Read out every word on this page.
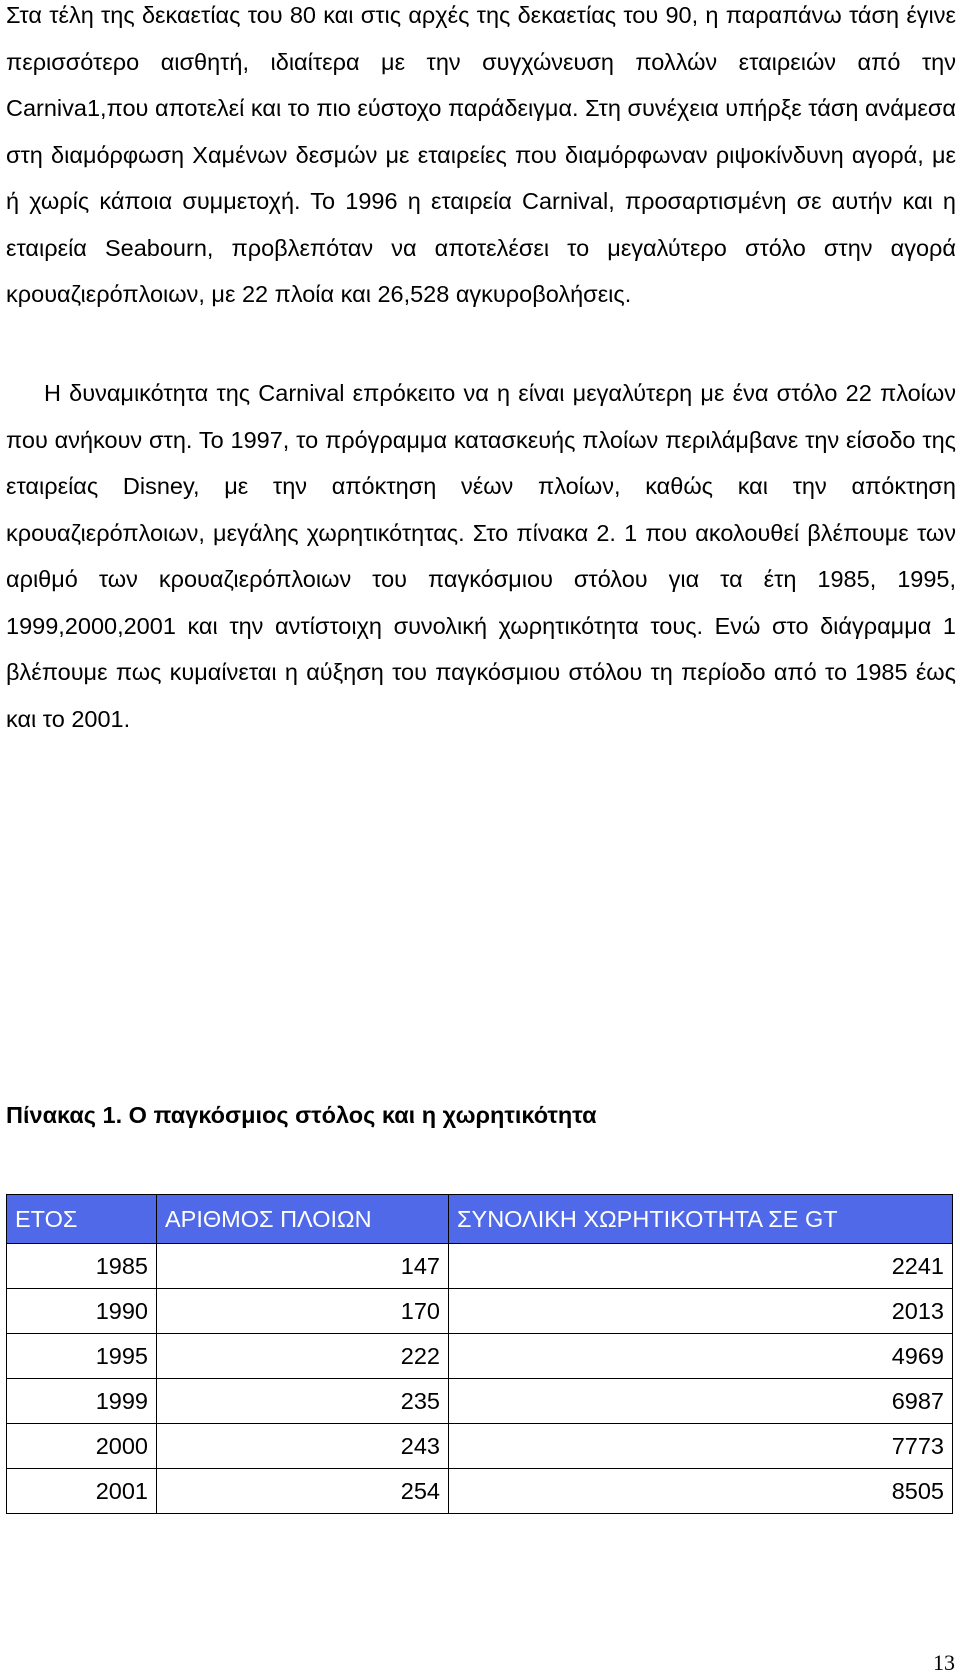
Στα τέλη της δεκαετίας του 80 και στις αρχές της δεκαετίας του 90, η παραπάνω τάση έγινε περισσότερο αισθητή, ιδιαίτερα με την συγχώνευση πολλών εταιρειών από την Carniva1,που αποτελεί και το πιο εύστοχο παράδειγμα. Στη συνέχεια υπήρξε τάση ανάμεσα στη διαμόρφωση Χαμένων δεσμών με εταιρείες που διαμόρφωναν ριψοκίνδυνη αγορά, με ή χωρίς κάποια συμμετοχή. Το 1996 η εταιρεία Carnival, προσαρτισμένη σε αυτήν και η εταιρεία Seabourn, προβλεπόταν να αποτελέσει το μεγαλύτερο στόλο στην αγορά κρουαζιερόπλοιων, με 22 πλοία και 26,528 αγκυροβολήσεις.

Η δυναμικότητα της Carnival επρόκειτο να η είναι μεγαλύτερη με ένα στόλο 22 πλοίων που ανήκουν στη. Το 1997, το πρόγραμμα κατασκευής πλοίων περιλάμβανε την είσοδο της εταιρείας Disney, με την απόκτηση νέων πλοίων, καθώς και την απόκτηση κρουαζιερόπλοιων, μεγάλης χωρητικότητας. Στο πίνακα 2. 1 που ακολουθεί βλέπουμε των αριθμό των κρουαζιερόπλοιων του παγκόσμιου στόλου για τα έτη 1985, 1995, 1999,2000,2001 και την αντίστοιχη συνολική χωρητικότητα τους. Ενώ στο διάγραμμα 1 βλέπουμε πως κυμαίνεται η αύξηση του παγκόσμιου στόλου τη περίοδο από το 1985 έως και το 2001.

Πίνακας 1. Ο παγκόσμιος στόλος και η χωρητικότητα

ΕΤΟΣ	ΑΡΙΘΜΟΣ ΠΛΟΙΩΝ	ΣΥΝΟΛΙΚΗ ΧΩΡΗΤΙΚΟΤΗΤΑ ΣΕ GT
1985	147	2241
1990	170	2013
1995	222	4969
1999	235	6987
2000	243	7773
2001	254	8505
13
